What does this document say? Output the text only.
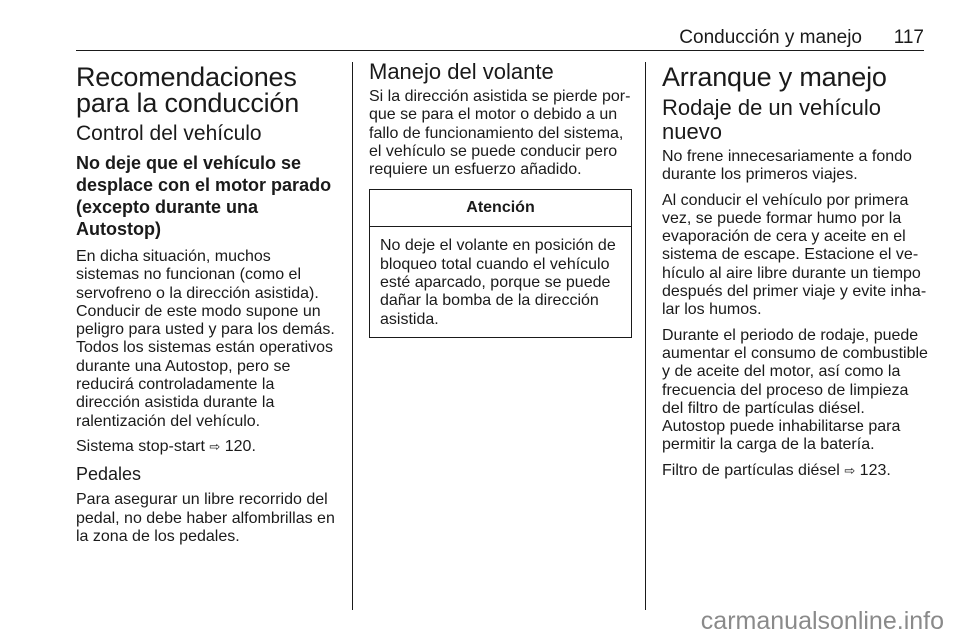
Conducción y manejo 117
Recomendaciones para la conducción
Control del vehículo
No deje que el vehículo se desplace con el motor parado (excepto durante una Autostop)

En dicha situación, muchos sistemas no funcionan (como el servofreno o la dirección asistida). Conducir de este modo supone un peligro para usted y para los demás. Todos los sistemas están operativos durante una Autostop, pero se reducirá controladamente la dirección asistida durante la ralentización del vehículo.

Sistema stop-start ⇨ 120.

Pedales

Para asegurar un libre recorrido del pedal, no debe haber alfombrillas en la zona de los pedales.

Manejo del volante

Si la dirección asistida se pierde porque se para el motor o debido a un fallo de funcionamiento del sistema, el vehículo se puede conducir pero requiere un esfuerzo añadido.

Atención

No deje el volante en posición de bloqueo total cuando el vehículo esté aparcado, porque se puede dañar la bomba de la dirección asistida.

Arranque y manejo
Rodaje de un vehículo nuevo

No frene innecesariamente a fondo durante los primeros viajes.

Al conducir el vehículo por primera vez, se puede formar humo por la evaporación de cera y aceite en el sistema de escape. Estacione el vehículo al aire libre durante un tiempo después del primer viaje y evite inhalar los humos.

Durante el periodo de rodaje, puede aumentar el consumo de combustible y de aceite del motor, así como la frecuencia del proceso de limpieza del filtro de partículas diésel. Autostop puede inhabilitarse para permitir la carga de la batería.

Filtro de partículas diésel ⇨ 123.

carmanualsonline.info
